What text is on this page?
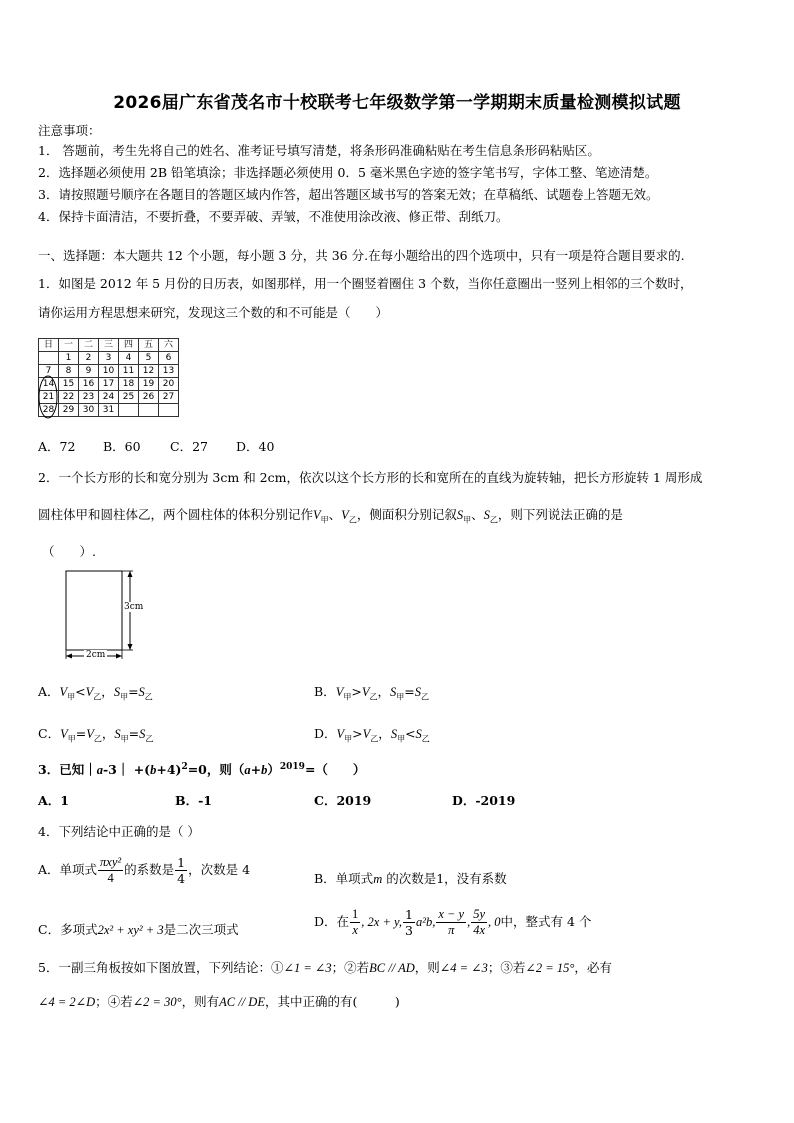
2026届广东省茂名市十校联考七年级数学第一学期期末质量检测模拟试题
注意事项：
1． 答题前，考生先将自己的姓名、准考证号填写清楚，将条形码准确粘贴在考生信息条形码粘贴区。
2．选择题必须使用 2B 铅笔填涂；非选择题必须使用 0．5 毫米黑色字迹的签字笔书写，字体工整、笔迹清楚。
3．请按照题号顺序在各题目的答题区域内作答，超出答题区域书写的答案无效；在草稿纸、试题卷上答题无效。
4．保持卡面清洁，不要折叠，不要弄破、弄皱，不准使用涂改液、修正带、刮纸刀。
一、选择题：本大题共 12 个小题，每小题 3 分，共 36 分.在每小题给出的四个选项中，只有一项是符合题目要求的.
1．如图是 2012 年 5 月份的日历表，如图那样，用一个圈竖着圈住 3 个数，当你任意圈出一竖列上相邻的三个数时，
请你运用方程思想来研究，发现这三个数的和不可能是（　　）
日	一	二	三	四	五	六
	1	2	3	4	5	6
7	8	9	10	11	12	13
14	15	16	17	18	19	20
21	22	23	24	25	26	27
28	29	30	31			
A．72 B．60 C．27 D．40
2．一个长方形的长和宽分别为 3cm 和 2cm，依次以这个长方形的长和宽所在的直线为旋转轴，把长方形旋转 1 周形成
圆柱体甲和圆柱体乙，两个圆柱体的体积分别记作$V_甲$、$V_乙$，侧面积分别记叙$S_甲$、$S_乙$，则下列说法正确的是
（　　）.
3cm
2cm
A．$V_甲<V_乙$，$S_甲=S_乙$	B．$V_甲>V_乙$，$S_甲=S_乙$
C．$V_甲=V_乙$，$S_甲=S_乙$	D．$V_甲>V_乙$，$S_甲<S_乙$
3．已知｜a-3｜ $+(b+4)^2=0$，则$(a+b)^{2019}=$（　　）
A．1	B．-1	C．2019	D．-2019
4．下列结论中正确的是（ ）
A．单项式 $\frac{\text{πxy²}}{4}$ 的系数是 $\frac{1}{4}$ ，次数是 4
B．单项式m 的次数是1，没有系数
C．多项式2x² + xy² + 3是二次三项式
D．在 $\frac{1}{x}$ , 2x + y, $\frac{1}{3} a^2b$, $\frac{x - y}{\pi}$ , $\frac{5y}{4x}$ , 0中，整式有 4 个
5．一副三角板按如下图放置，下列结论：①∠1 = ∠3；②若BC // AD，则∠4 = ∠3；③若∠2 = 15°，必有
∠4 = 2∠D；④若∠2 = 30°，则有AC // DE，其中正确的有(　　　)
